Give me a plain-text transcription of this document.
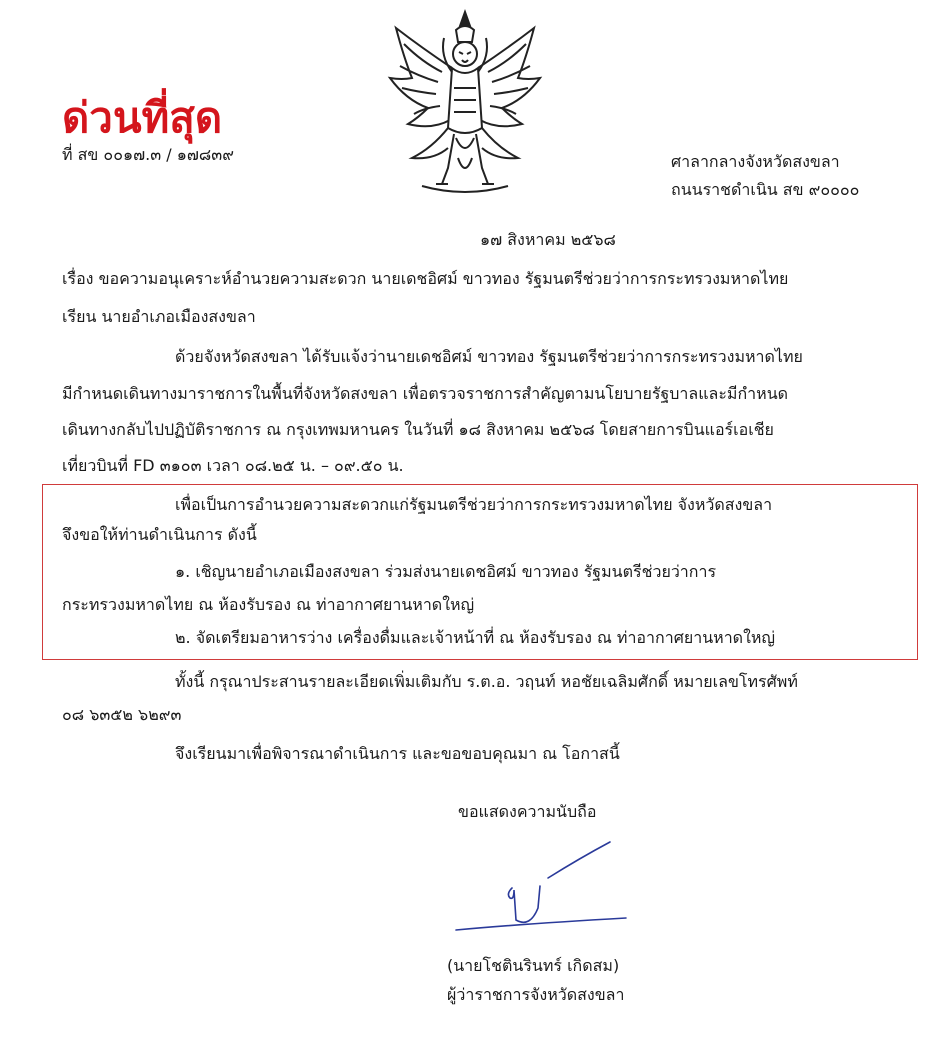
ด่วนที่สุด
ที่ สข ๐๐๑๗.๓ / ๑๗๘๓๙	ศาลากลางจังหวัดสงขลา
ถนนราชดำเนิน สข ๙๐๐๐๐
๑๗ สิงหาคม ๒๕๖๘
เรื่อง ขอความอนุเคราะห์อำนวยความสะดวก นายเดชอิศม์ ขาวทอง รัฐมนตรีช่วยว่าการกระทรวงมหาดไทย
เรียน นายอำเภอเมืองสงขลา
ด้วยจังหวัดสงขลา ได้รับแจ้งว่านายเดชอิศม์ ขาวทอง รัฐมนตรีช่วยว่าการกระทรวงมหาดไทย
มีกำหนดเดินทางมาราชการในพื้นที่จังหวัดสงขลา เพื่อตรวจราชการสำคัญตามนโยบายรัฐบาลและมีกำหนด
เดินทางกลับไปปฏิบัติราชการ ณ กรุงเทพมหานคร ในวันที่ ๑๘ สิงหาคม ๒๕๖๘ โดยสายการบินแอร์เอเชีย
เที่ยวบินที่ FD ๓๑๐๓ เวลา ๐๘.๒๕ น. – ๐๙.๕๐ น.
เพื่อเป็นการอำนวยความสะดวกแก่รัฐมนตรีช่วยว่าการกระทรวงมหาดไทย จังหวัดสงขลา
จึงขอให้ท่านดำเนินการ ดังนี้
๑. เชิญนายอำเภอเมืองสงขลา ร่วมส่งนายเดชอิศม์ ขาวทอง รัฐมนตรีช่วยว่าการ
กระทรวงมหาดไทย ณ ห้องรับรอง ณ ท่าอากาศยานหาดใหญ่
๒. จัดเตรียมอาหารว่าง เครื่องดื่มและเจ้าหน้าที่ ณ ห้องรับรอง ณ ท่าอากาศยานหาดใหญ่
ทั้งนี้ กรุณาประสานรายละเอียดเพิ่มเติมกับ ร.ต.อ. วฤนท์ หอชัยเฉลิมศักดิ์ หมายเลขโทรศัพท์
๐๘ ๖๓๕๒ ๖๒๙๓
จึงเรียนมาเพื่อพิจารณาดำเนินการ และขอขอบคุณมา ณ โอกาสนี้
ขอแสดงความนับถือ
(นายโชตินรินทร์ เกิดสม)
ผู้ว่าราชการจังหวัดสงขลา
